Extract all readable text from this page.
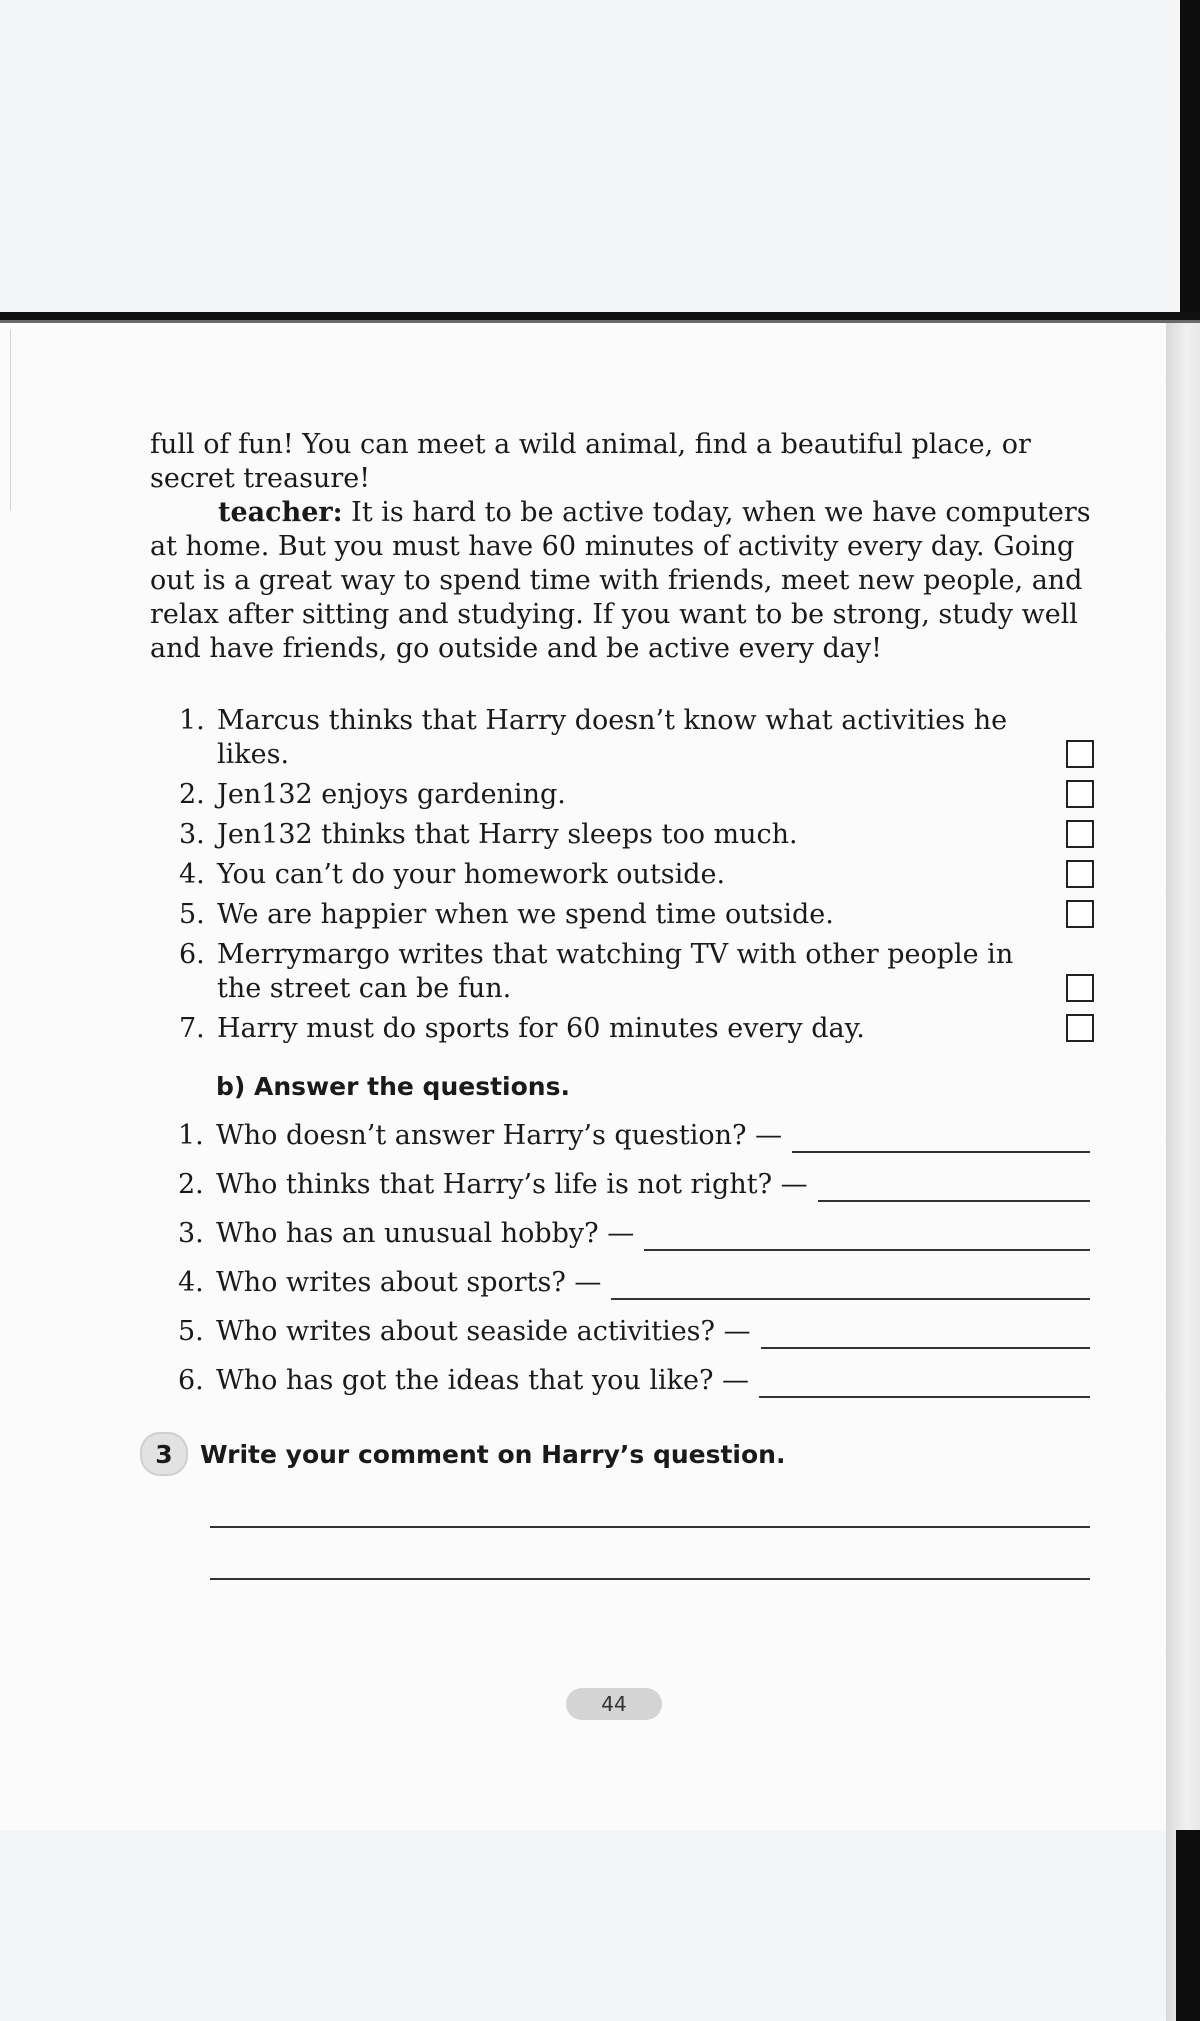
full of fun! You can meet a wild animal, find a beautiful place, or secret treasure!

teacher: It is hard to be active today, when we have computers at home. But you must have 60 minutes of activity every day. Going out is a great way to spend time with friends, meet new people, and relax after sitting and studying. If you want to be strong, study well and have friends, go outside and be active every day!

1. Marcus thinks that Harry doesn’t know what activities he likes.
2. Jen132 enjoys gardening.
3. Jen132 thinks that Harry sleeps too much.
4. You can’t do your homework outside.
5. We are happier when we spend time outside.
6. Merrymargo writes that watching TV with other people in the street can be fun.
7. Harry must do sports for 60 minutes every day.
b) Answer the questions.
1. Who doesn’t answer Harry’s question? —
2. Who thinks that Harry’s life is not right? —
3. Who has an unusual hobby? —
4. Who writes about sports? —
5. Who writes about seaside activities? —
6. Who has got the ideas that you like? —
3	Write your comment on Harry’s question.
44
